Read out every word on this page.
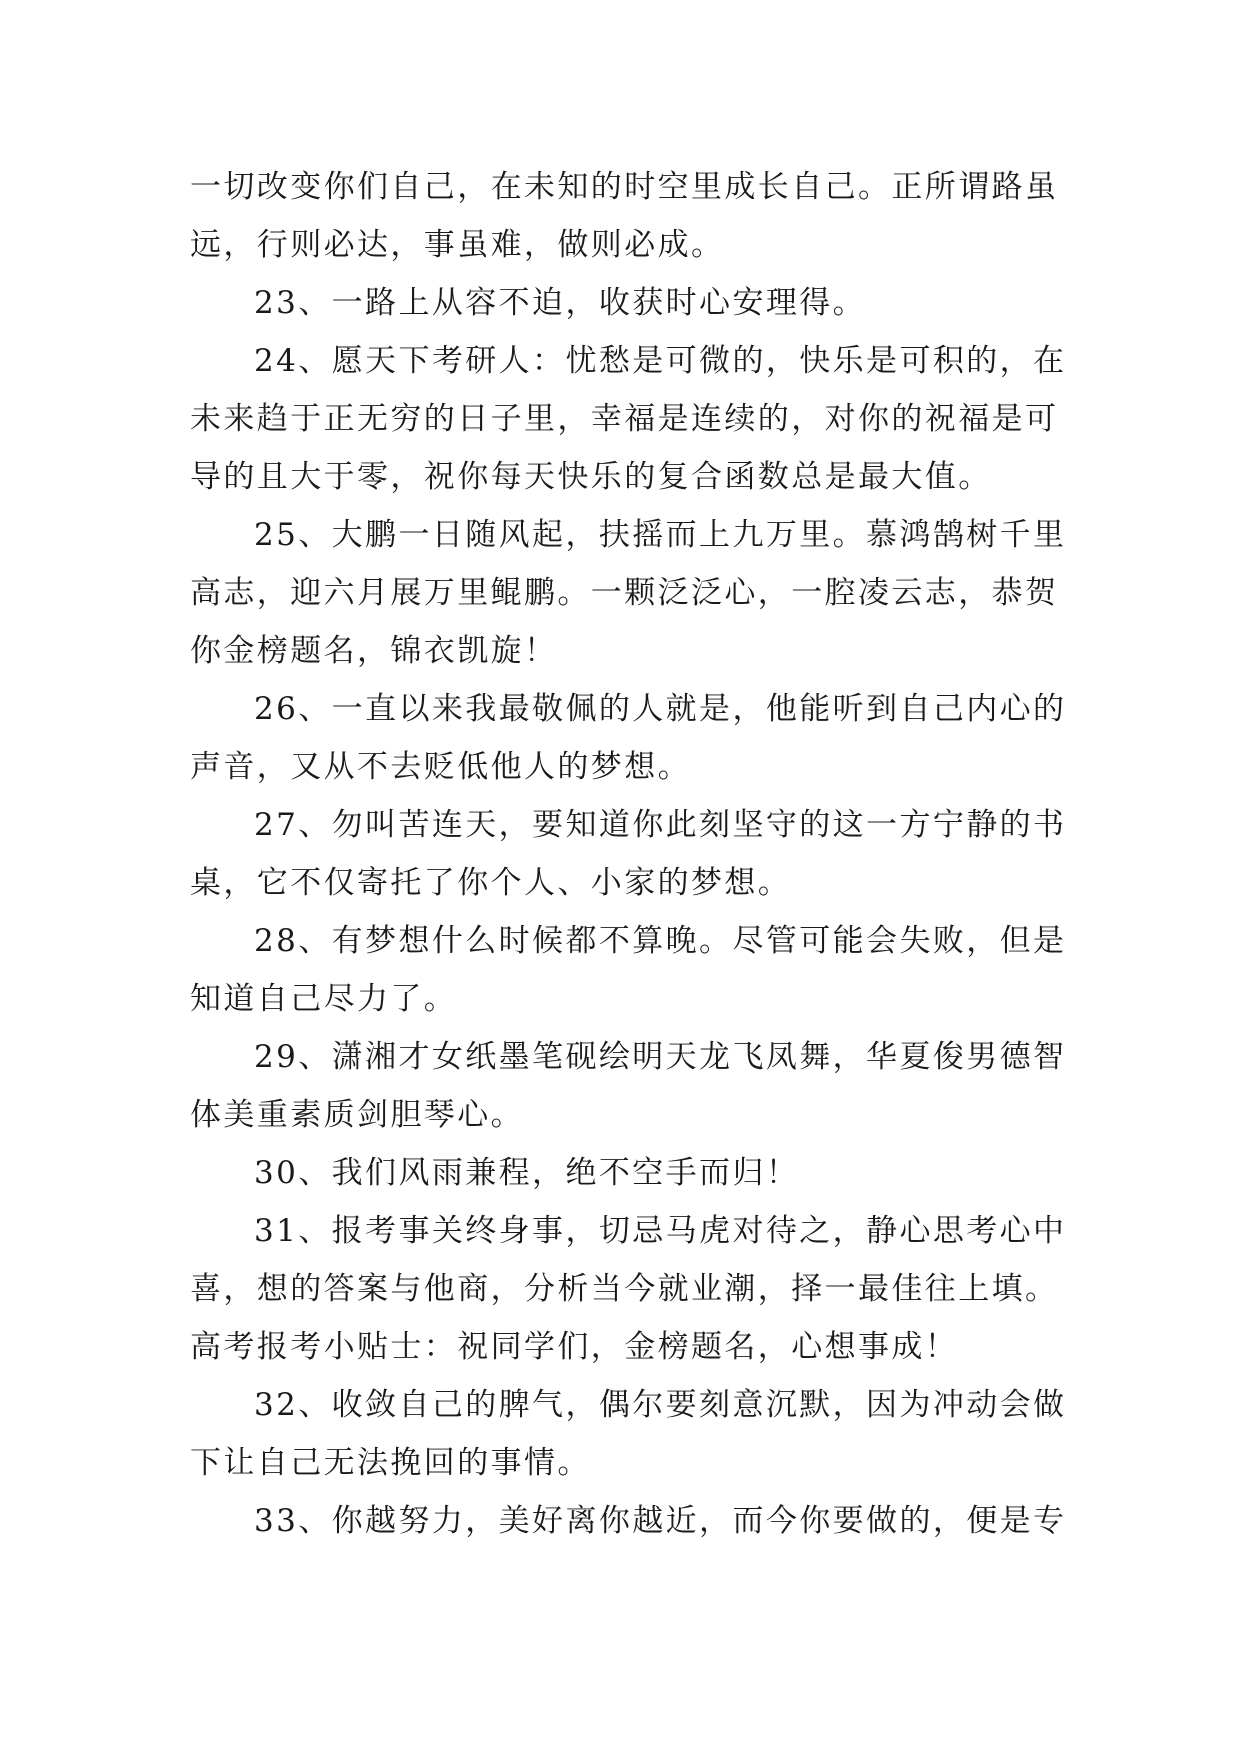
一切改变你们自己，在未知的时空里成长自己。正所谓路虽
远，行则必达，事虽难，做则必成。
23、一路上从容不迫，收获时心安理得。
24、愿天下考研人：忧愁是可微的，快乐是可积的，在
未来趋于正无穷的日子里，幸福是连续的，对你的祝福是可
导的且大于零，祝你每天快乐的复合函数总是最大值。
25、大鹏一日随风起，扶摇而上九万里。慕鸿鹄树千里
高志，迎六月展万里鲲鹏。一颗泛泛心，一腔凌云志，恭贺
你金榜题名，锦衣凯旋！
26、一直以来我最敬佩的人就是，他能听到自己内心的
声音，又从不去贬低他人的梦想。
27、勿叫苦连天，要知道你此刻坚守的这一方宁静的书
桌，它不仅寄托了你个人、小家的梦想。
28、有梦想什么时候都不算晚。尽管可能会失败，但是
知道自己尽力了。
29、潇湘才女纸墨笔砚绘明天龙飞凤舞，华夏俊男德智
体美重素质剑胆琴心。
30、我们风雨兼程，绝不空手而归！
31、报考事关终身事，切忌马虎对待之，静心思考心中
喜，想的答案与他商，分析当今就业潮，择一最佳往上填。
高考报考小贴士：祝同学们，金榜题名，心想事成！
32、收敛自己的脾气，偶尔要刻意沉默，因为冲动会做
下让自己无法挽回的事情。
33、你越努力，美好离你越近，而今你要做的，便是专
